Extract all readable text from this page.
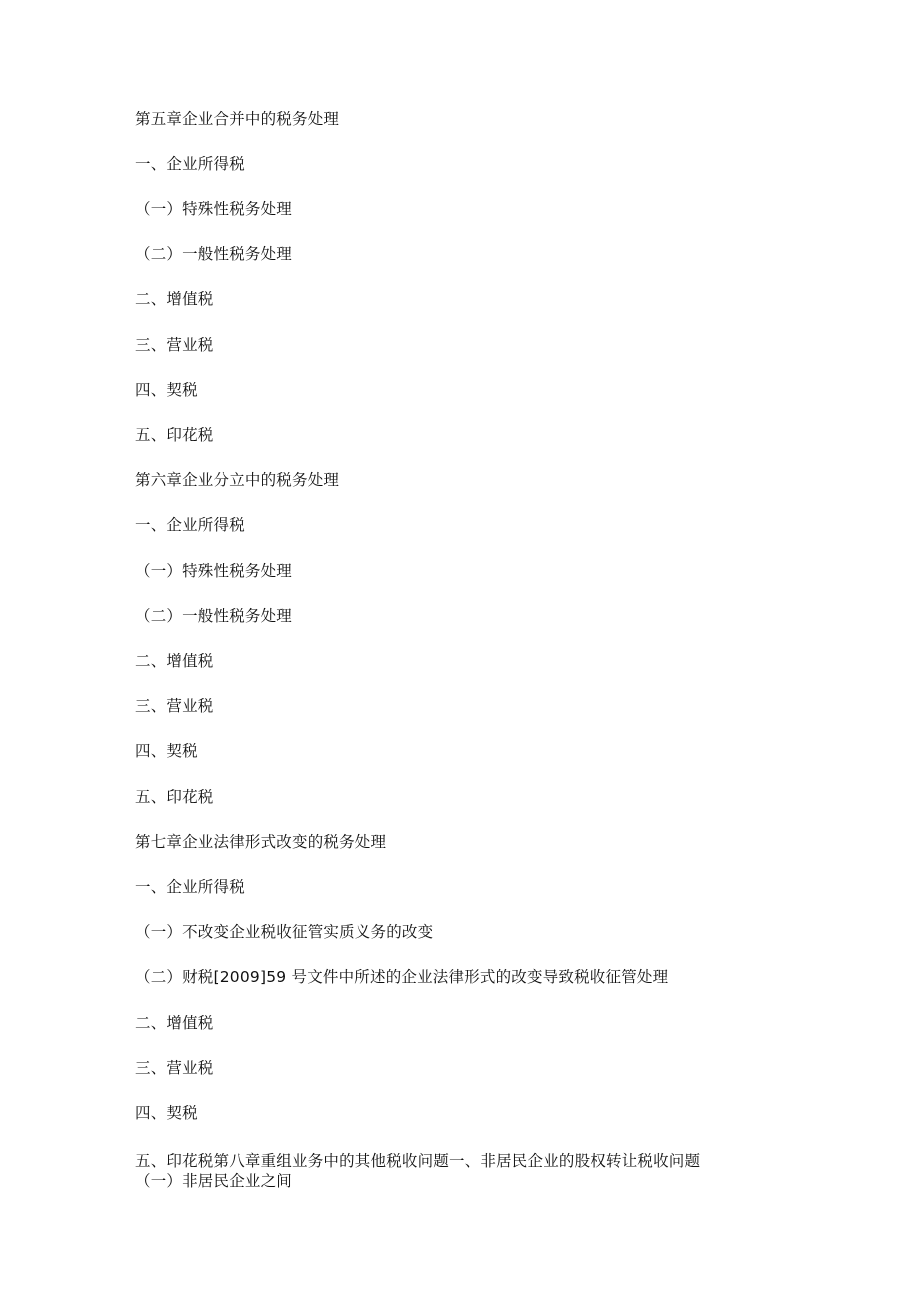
第五章企业合并中的税务处理
一、企业所得税
（一）特殊性税务处理
（二）一般性税务处理
二、增值税
三、营业税
四、契税
五、印花税
第六章企业分立中的税务处理
一、企业所得税
（一）特殊性税务处理
（二）一般性税务处理
二、增值税
三、营业税
四、契税
五、印花税
第七章企业法律形式改变的税务处理
一、企业所得税
（一）不改变企业税收征管实质义务的改变
（二）财税[2009]59 号文件中所述的企业法律形式的改变导致税收征管处理
二、增值税
三、营业税
四、契税
五、印花税第八章重组业务中的其他税收问题一、非居民企业的股权转让税收问题
（一）非居民企业之间
